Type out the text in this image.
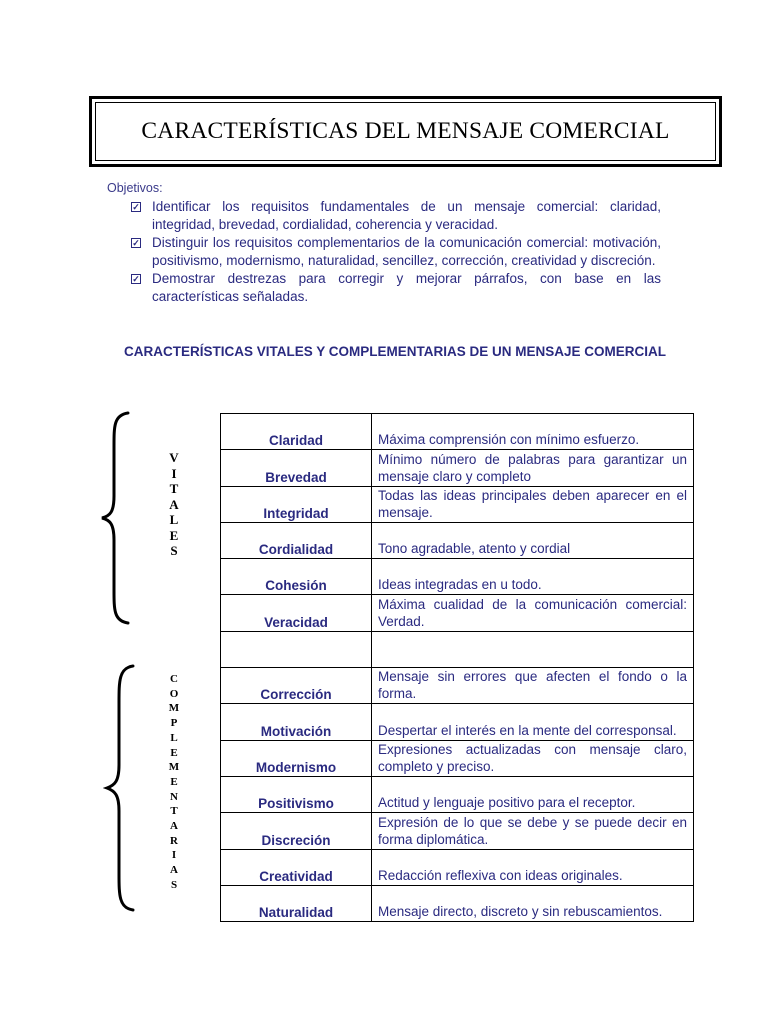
CARACTERÍSTICAS DEL MENSAJE COMERCIAL
Objetivos:
✓ Identificar los requisitos fundamentales de un mensaje comercial: claridad, integridad, brevedad, cordialidad, coherencia y veracidad.
✓ Distinguir los requisitos complementarios de la comunicación comercial: motivación, positivismo, modernismo, naturalidad, sencillez, corrección, creatividad y discreción.
✓ Demostrar destrezas para corregir y mejorar párrafos, con base en las características señaladas.
CARACTERÍSTICAS VITALES Y COMPLEMENTARIAS DE UN MENSAJE COMERCIAL
V
I
T
A
L
E
S
C
O
M
P
L
E
M
E
N
T
A
R
I
A
S
Claridad	Máxima comprensión con mínimo esfuerzo.
Brevedad	Mínimo número de palabras para garantizar un mensaje claro y completo
Integridad	Todas las ideas principales deben aparecer en el mensaje.
Cordialidad	Tono agradable, atento y cordial
Cohesión	Ideas integradas en u todo.
Veracidad	Máxima cualidad de la comunicación comercial: Verdad.

Corrección	Mensaje sin errores que afecten el fondo o la forma.
Motivación	Despertar el interés en la mente del corresponsal.
Modernismo	Expresiones actualizadas con mensaje claro, completo y preciso.
Positivismo	Actitud y lenguaje positivo para el receptor.
Discreción	Expresión de lo que se debe y se puede decir en forma diplomática.
Creatividad	Redacción reflexiva con ideas originales.
Naturalidad	Mensaje directo, discreto y sin rebuscamientos.
